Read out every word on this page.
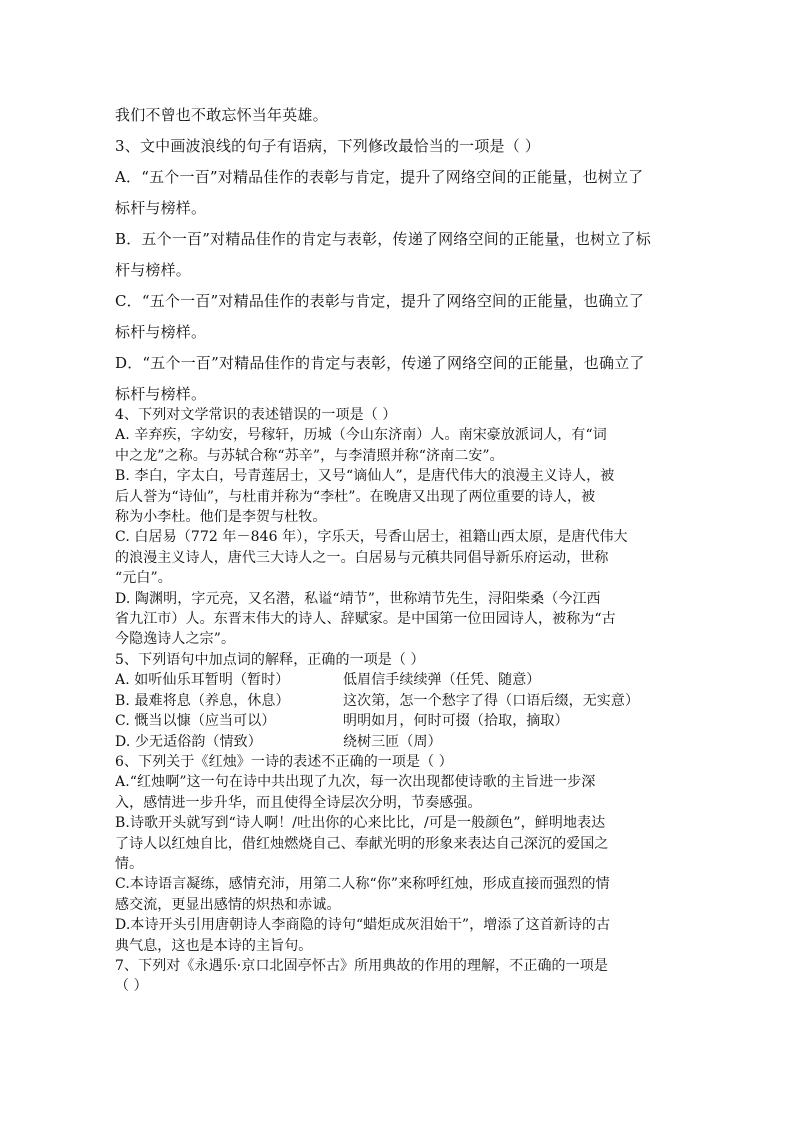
我们不曾也不敢忘怀当年英雄。
3、文中画波浪线的句子有语病，下列修改最恰当的一项是（ ）
A．“五个一百”对精品佳作的表彰与肯定，提升了网络空间的正能量，也树立了
标杆与榜样。
B．五个一百”对精品佳作的肯定与表彰，传递了网络空间的正能量，也树立了标
杆与榜样。
C．“五个一百”对精品佳作的表彰与肯定，提升了网络空间的正能量，也确立了
标杆与榜样。
D．“五个一百”对精品佳作的肯定与表彰，传递了网络空间的正能量，也确立了
标杆与榜样。
4、下列对文学常识的表述错误的一项是（ ）
A. 辛弃疾，字幼安，号稼轩，历城（今山东济南）人。南宋豪放派词人，有“词
中之龙”之称。与苏轼合称“苏辛”，与李清照并称“济南二安”。
B. 李白，字太白，号青莲居士，又号“谪仙人”，是唐代伟大的浪漫主义诗人，被
后人誉为“诗仙”，与杜甫并称为“李杜”。在晚唐又出现了两位重要的诗人，被
称为小李杜。他们是李贺与杜牧。
C. 白居易（772 年－846 年），字乐天，号香山居士，祖籍山西太原，是唐代伟大
的浪漫主义诗人，唐代三大诗人之一。白居易与元稹共同倡导新乐府运动，世称
“元白”。
D. 陶渊明，字元亮，又名潜，私谥“靖节”，世称靖节先生，浔阳柴桑（今江西
省九江市）人。东晋末伟大的诗人、辞赋家。是中国第一位田园诗人，被称为“古
今隐逸诗人之宗”。
5、下列语句中加点词的解释，正确的一项是（ ）
A. 如听仙乐耳暂明（暂时）	低眉信手续续弹（任凭、随意）
B. 最难将息（养息，休息）	这次第，怎一个愁字了得（口语后缀，无实意）
C. 慨当以慷（应当可以）	明明如月，何时可掇（拾取，摘取）
D. 少无适俗韵（情致）	绕树三匝（周）
6、下列关于《红烛》一诗的表述不正确的一项是（ ）
A.“红烛啊”这一句在诗中共出现了九次，每一次出现都使诗歌的主旨进一步深
入，感情进一步升华，而且使得全诗层次分明，节奏感强。
B.诗歌开头就写到“诗人啊！/吐出你的心来比比，/可是一般颜色”，鲜明地表达
了诗人以红烛自比，借红烛燃烧自己、奉献光明的形象来表达自己深沉的爱国之
情。
C.本诗语言凝练，感情充沛，用第二人称“你”来称呼红烛，形成直接而强烈的情
感交流，更显出感情的炽热和赤诚。
D.本诗开头引用唐朝诗人李商隐的诗句“蜡炬成灰泪始干”，增添了这首新诗的古
典气息，这也是本诗的主旨句。
7、下列对《永遇乐·京口北固亭怀古》所用典故的作用的理解，不正确的一项是
（ ）
